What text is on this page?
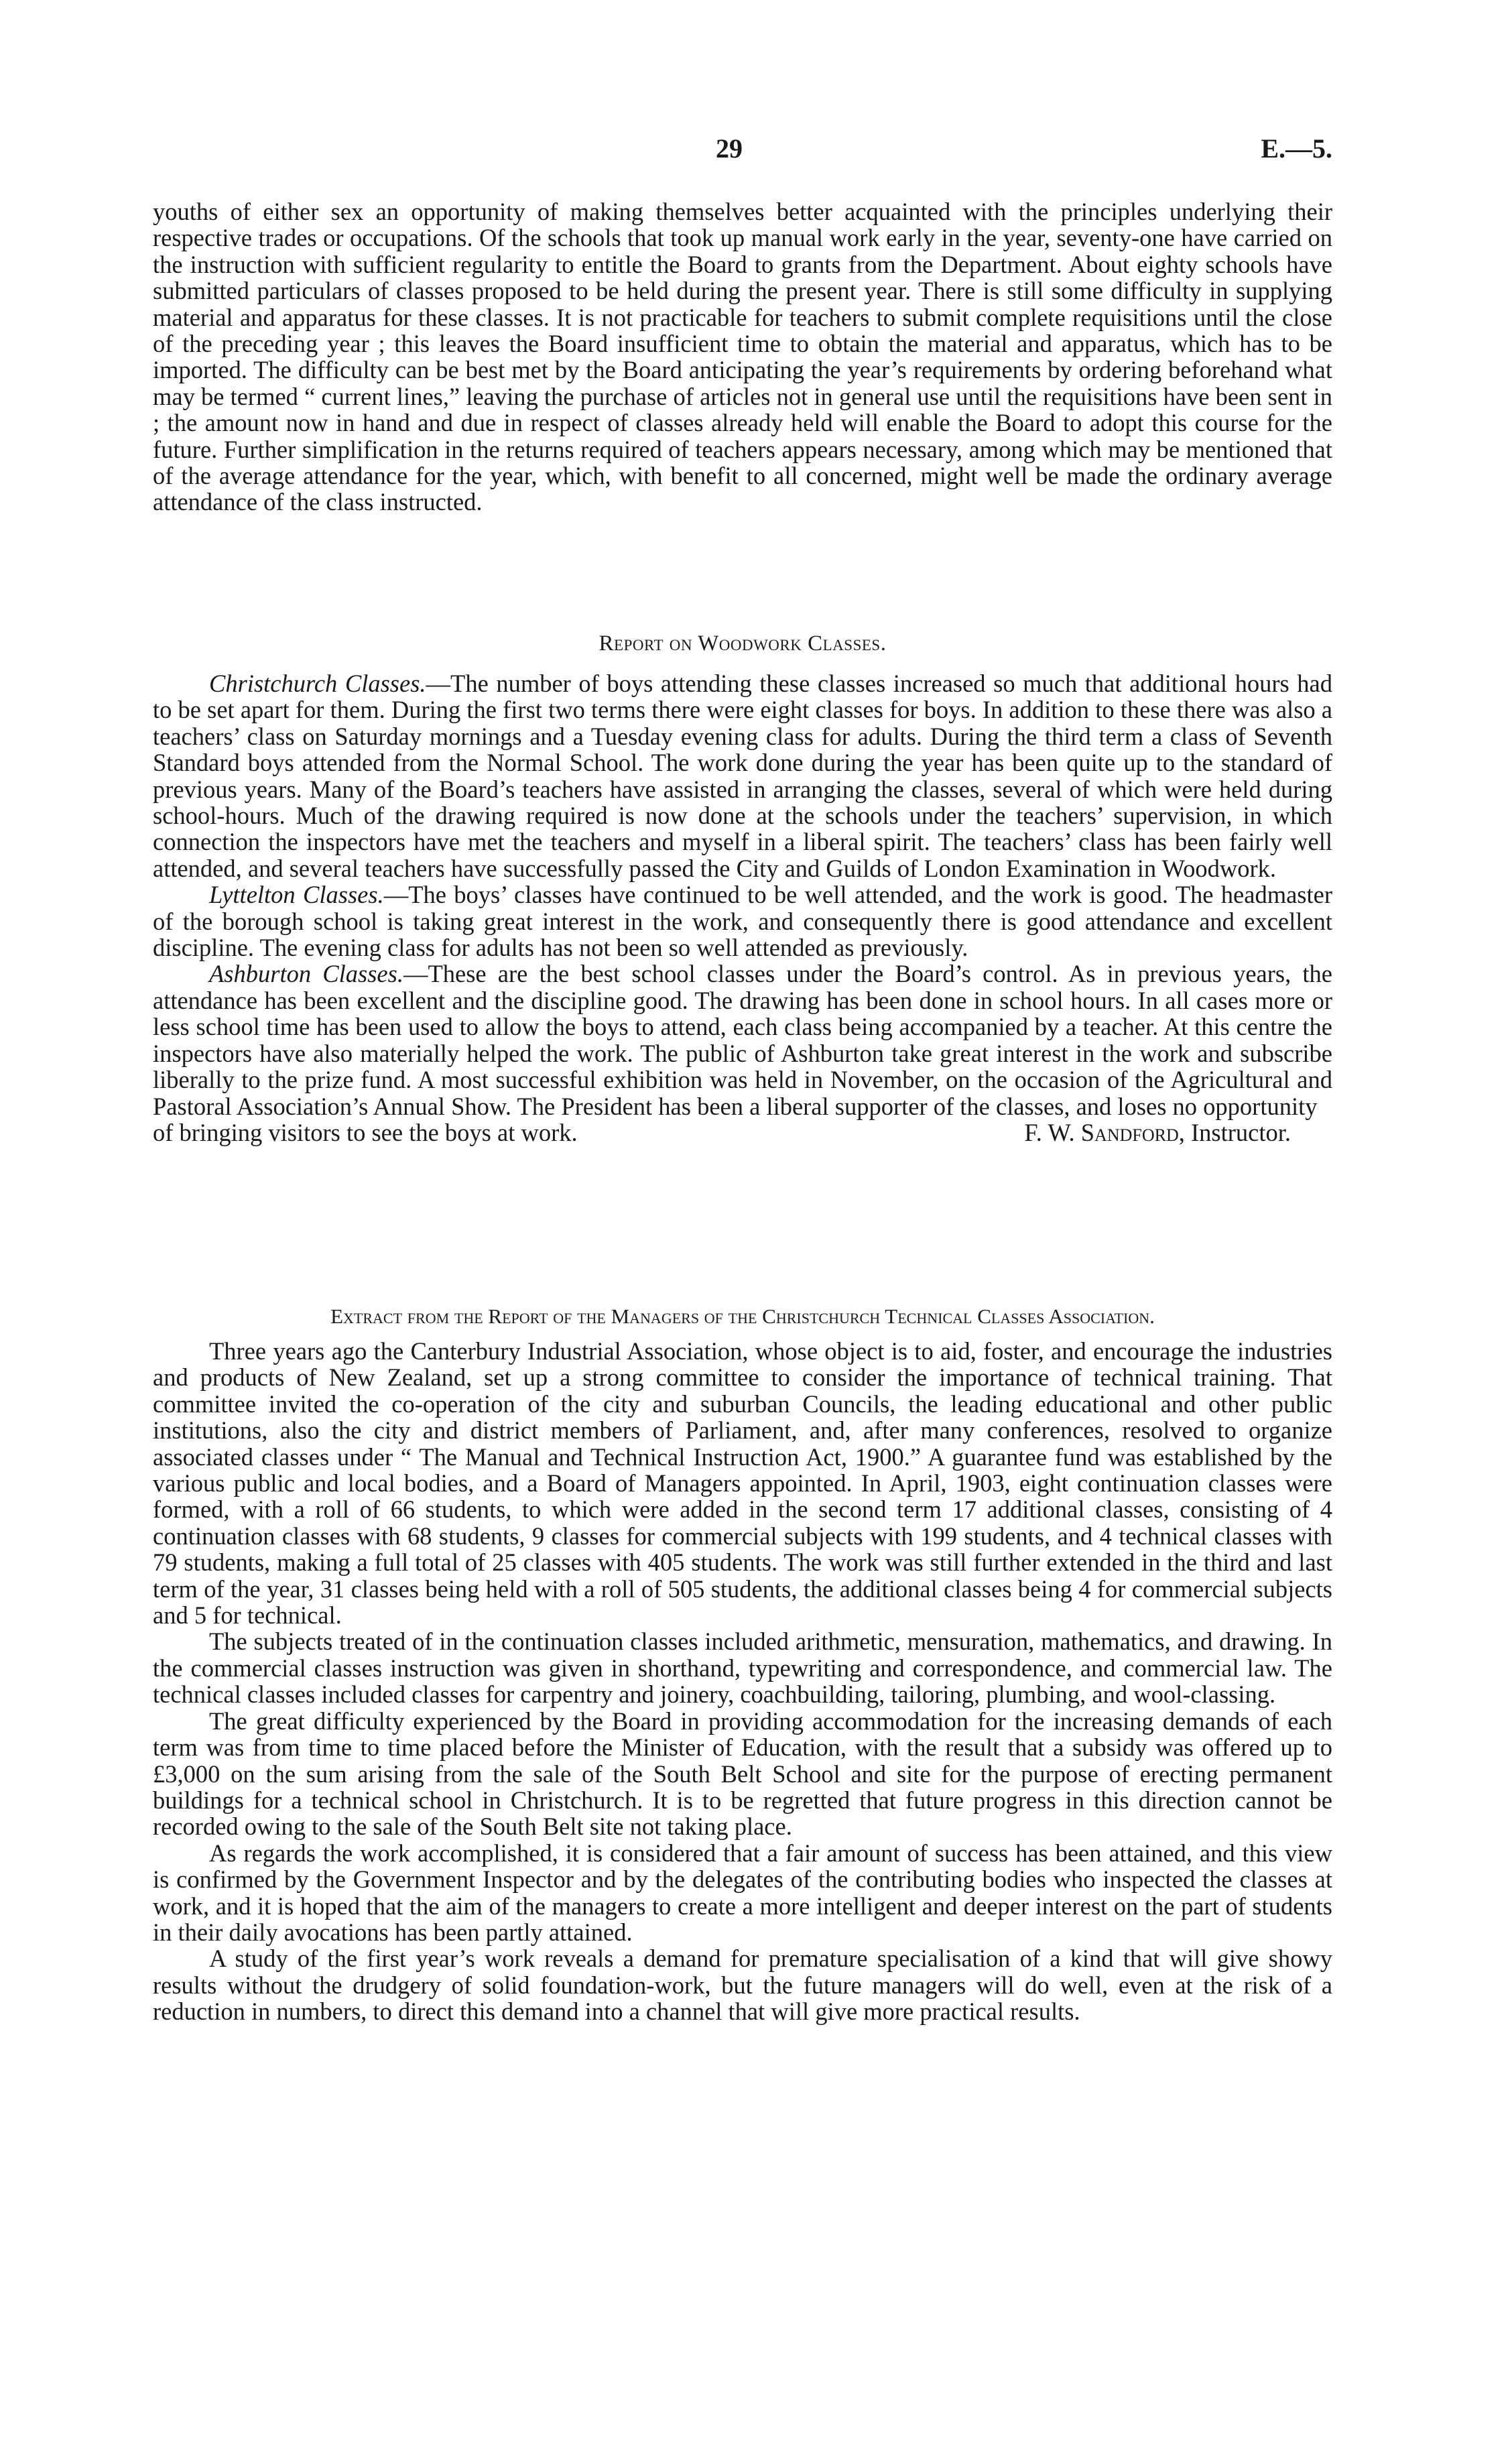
29	E.—5.

youths of either sex an opportunity of making themselves better acquainted with the principles underlying their respective trades or occupations. Of the schools that took up manual work early in the year, seventy-one have carried on the instruction with sufficient regularity to entitle the Board to grants from the Department. About eighty schools have submitted particulars of classes proposed to be held during the present year. There is still some difficulty in supplying material and apparatus for these classes. It is not practicable for teachers to submit complete requisitions until the close of the preceding year ; this leaves the Board insufficient time to obtain the material and apparatus, which has to be imported. The difficulty can be best met by the Board anticipating the year’s requirements by ordering beforehand what may be termed “ current lines,” leaving the purchase of articles not in general use until the requisitions have been sent in ; the amount now in hand and due in respect of classes already held will enable the Board to adopt this course for the future. Further simplification in the returns required of teachers appears necessary, among which may be mentioned that of the average attendance for the year, which, with benefit to all concerned, might well be made the ordinary average attendance of the class instructed.

Report on Woodwork Classes.

Christchurch Classes.—The number of boys attending these classes increased so much that additional hours had to be set apart for them. During the first two terms there were eight classes for boys. In addition to these there was also a teachers’ class on Saturday mornings and a Tuesday evening class for adults. During the third term a class of Seventh Standard boys attended from the Normal School. The work done during the year has been quite up to the standard of previous years. Many of the Board’s teachers have assisted in arranging the classes, several of which were held during school-hours. Much of the drawing required is now done at the schools under the teachers’ supervision, in which connection the inspectors have met the teachers and myself in a liberal spirit. The teachers’ class has been fairly well attended, and several teachers have successfully passed the City and Guilds of London Examination in Woodwork.

Lyttelton Classes.—The boys’ classes have continued to be well attended, and the work is good. The headmaster of the borough school is taking great interest in the work, and consequently there is good attendance and excellent discipline. The evening class for adults has not been so well attended as previously.

Ashburton Classes.—These are the best school classes under the Board’s control. As in previous years, the attendance has been excellent and the discipline good. The drawing has been done in school hours. In all cases more or less school time has been used to allow the boys to attend, each class being accompanied by a teacher. At this centre the inspectors have also materially helped the work. The public of Ashburton take great interest in the work and subscribe liberally to the prize fund. A most successful exhibition was held in November, on the occasion of the Agricultural and Pastoral Association’s Annual Show. The President has been a liberal supporter of the classes, and loses no opportunity

of bringing visitors to see the boys at work.	F. W. Sandford, Instructor.
Extract from the Report of the Managers of the Christchurch Technical Classes Association.

Three years ago the Canterbury Industrial Association, whose object is to aid, foster, and encourage the industries and products of New Zealand, set up a strong committee to consider the importance of technical training. That committee invited the co-operation of the city and suburban Councils, the leading educational and other public institutions, also the city and district members of Parliament, and, after many conferences, resolved to organize associated classes under “ The Manual and Technical Instruction Act, 1900.” A guarantee fund was established by the various public and local bodies, and a Board of Managers appointed. In April, 1903, eight continuation classes were formed, with a roll of 66 students, to which were added in the second term 17 additional classes, consisting of 4 continuation classes with 68 students, 9 classes for commercial subjects with 199 students, and 4 technical classes with 79 students, making a full total of 25 classes with 405 students. The work was still further extended in the third and last term of the year, 31 classes being held with a roll of 505 students, the additional classes being 4 for commercial subjects and 5 for technical.

The subjects treated of in the continuation classes included arithmetic, mensuration, mathematics, and drawing. In the commercial classes instruction was given in shorthand, typewriting and correspondence, and commercial law. The technical classes included classes for carpentry and joinery, coachbuilding, tailoring, plumbing, and wool-classing.

The great difficulty experienced by the Board in providing accommodation for the increasing demands of each term was from time to time placed before the Minister of Education, with the result that a subsidy was offered up to £3,000 on the sum arising from the sale of the South Belt School and site for the purpose of erecting permanent buildings for a technical school in Christchurch. It is to be regretted that future progress in this direction cannot be recorded owing to the sale of the South Belt site not taking place.

As regards the work accomplished, it is considered that a fair amount of success has been attained, and this view is confirmed by the Government Inspector and by the delegates of the contributing bodies who inspected the classes at work, and it is hoped that the aim of the managers to create a more intelligent and deeper interest on the part of students in their daily avocations has been partly attained.

A study of the first year’s work reveals a demand for premature specialisation of a kind that will give showy results without the drudgery of solid foundation-work, but the future managers will do well, even at the risk of a reduction in numbers, to direct this demand into a channel that will give more practical results.
